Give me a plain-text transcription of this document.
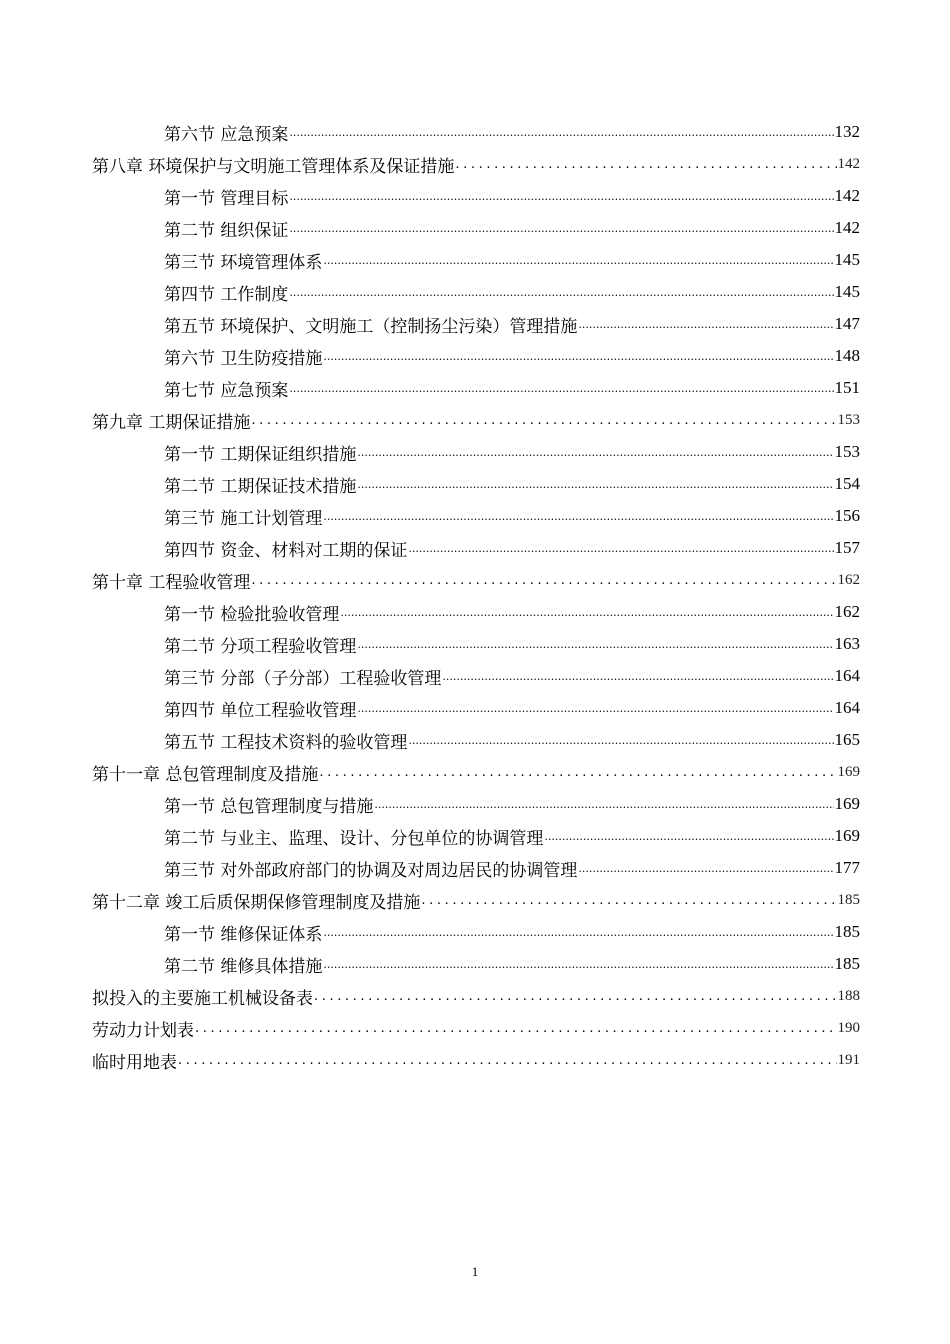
第六节 应急预案 .....	132
第八章 环境保护与文明施工管理体系及保证措施 .....	142
第一节 管理目标 .....	142
第二节 组织保证 .....	142
第三节 环境管理体系 .....	145
第四节 工作制度 .....	145
第五节 环境保护、文明施工（控制扬尘污染）管理措施 .....	147
第六节 卫生防疫措施 .....	148
第七节 应急预案 .....	151
第九章 工期保证措施 .....	153
第一节 工期保证组织措施 .....	153
第二节 工期保证技术措施 .....	154
第三节 施工计划管理 .....	156
第四节 资金、材料对工期的保证 .....	157
第十章 工程验收管理 .....	162
第一节 检验批验收管理 .....	162
第二节 分项工程验收管理 .....	163
第三节 分部（子分部）工程验收管理 .....	164
第四节 单位工程验收管理 .....	164
第五节 工程技术资料的验收管理 .....	165
第十一章 总包管理制度及措施 .....	169
第一节 总包管理制度与措施 .....	169
第二节 与业主、监理、设计、分包单位的协调管理 .....	169
第三节 对外部政府部门的协调及对周边居民的协调管理 .....	177
第十二章 竣工后质保期保修管理制度及措施 .....	185
第一节 维修保证体系 .....	185
第二节 维修具体措施 .....	185
拟投入的主要施工机械设备表 .....	188
劳动力计划表 .....	190
临时用地表 .....	191
1
